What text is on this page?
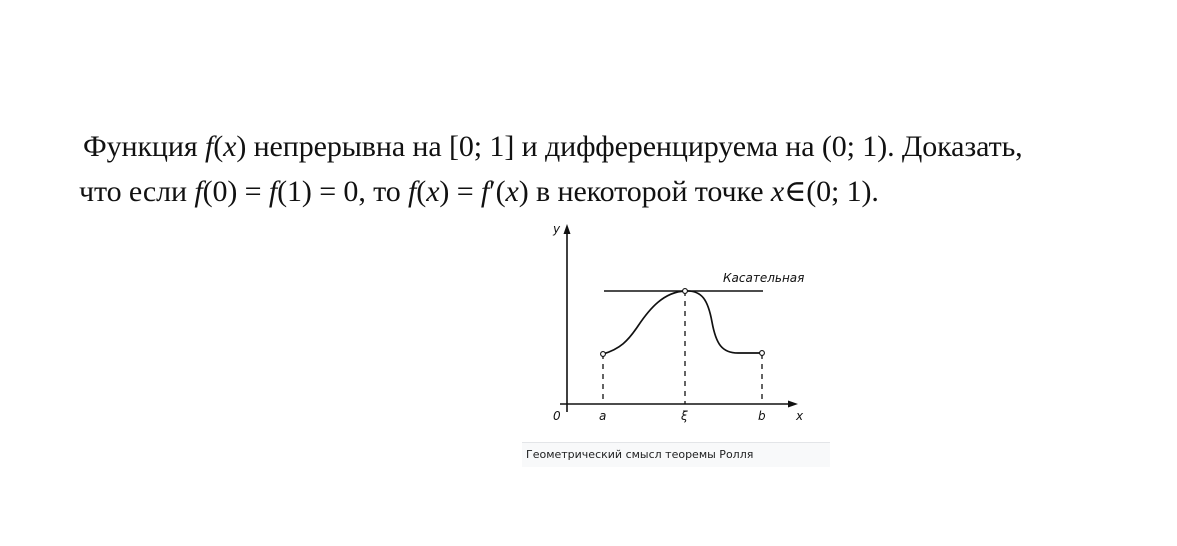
Функция f(x) непрерывна на [0; 1] и дифференцируема на (0; 1). Доказать,
что если f(0) = f(1) = 0, то f(x) = f′(x) в некоторой точке x∈(0; 1).
y
x
0	a	ξ	b
Касательная
Геометрический смысл теоремы Ролля
